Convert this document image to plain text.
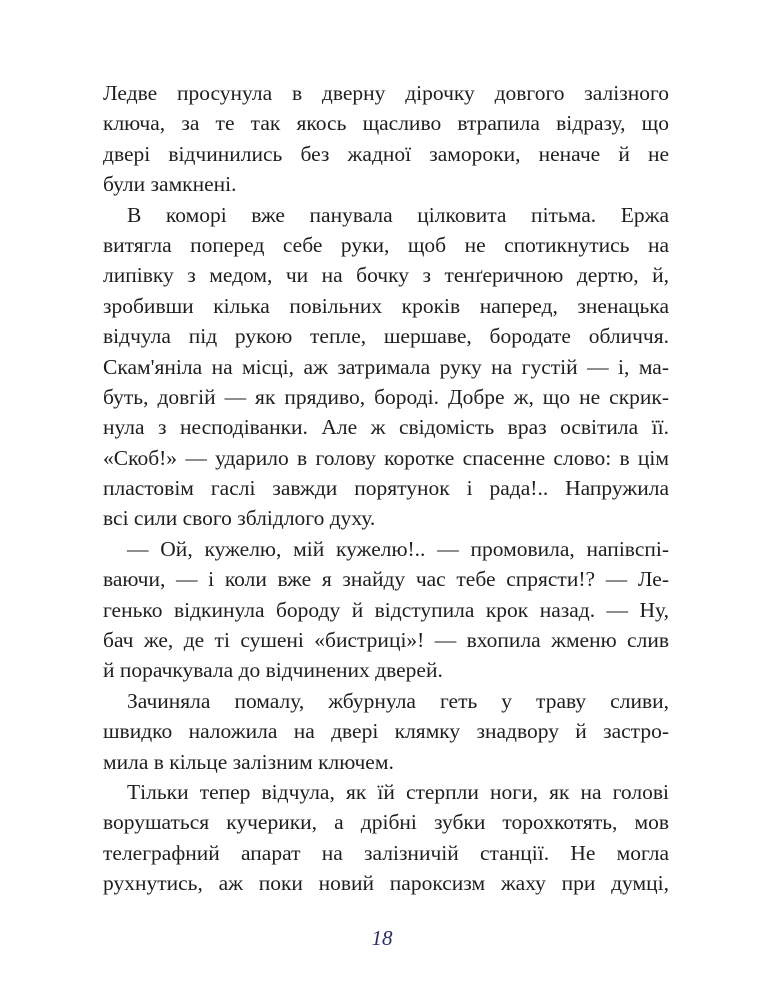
Ледве просунула в дверну дірочку довгого залізного
ключа, за те так якось щасливо втрапила відразу, що
двері відчинились без жадної замороки, неначе й не
були замкнені.
В коморі вже панувала цілковита пітьма. Ержа
витягла поперед себе руки, щоб не спотикнутись на
липівку з медом, чи на бочку з тенґеричною дертю, й,
зробивши кілька повільних кроків наперед, зненацька
відчула під рукою тепле, шершаве, бородате обличчя.
Скам'яніла на місці, аж затримала руку на густій — і, ма-
буть, довгій — як прядиво, бороді. Добре ж, що не скрик-
нула з несподіванки. Але ж свідомість враз освітила її.
«Скоб!» — ударило в голову коротке спасенне слово: в цім
пластовім гаслі завжди порятунок і рада!.. Напружила
всі сили свого зблідлого духу.
— Ой, кужелю, мій кужелю!.. — промовила, напівспі-
ваючи, — і коли вже я знайду час тебе спрясти!? — Ле-
генько відкинула бороду й відступила крок назад. — Ну,
бач же, де ті сушені «бистриці»! — вхопила жменю слив
й порачкувала до відчинених дверей.
Зачиняла помалу, жбурнула геть у траву сливи,
швидко наложила на двері клямку знадвору й застро-
мила в кільце залізним ключем.
Тільки тепер відчула, як їй стерпли ноги, як на голові
ворушаться кучерики, а дрібні зубки торохкотять, мов
телеграфний апарат на залізничій станції. Не могла
рухнутись, аж поки новий пароксизм жаху при думці,
18
